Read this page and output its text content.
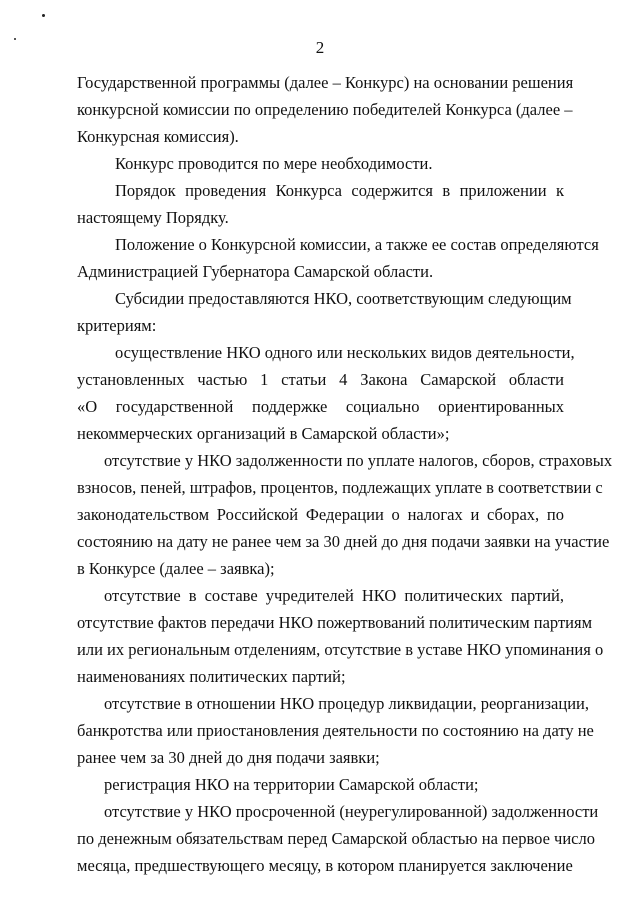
2
Государственной программы (далее – Конкурс) на основании решения
конкурсной комиссии по определению победителей Конкурса (далее –
Конкурсная комиссия).
Конкурс проводится по мере необходимости.
Порядок проведения Конкурса содержится в приложении к
настоящему Порядку.
Положение о Конкурсной комиссии, а также ее состав определяются
Администрацией Губернатора Самарской области.
Субсидии предоставляются НКО, соответствующим следующим
критериям:
осуществление НКО одного или нескольких видов деятельности,
установленных частью 1 статьи 4 Закона Самарской области
«О государственной поддержке социально ориентированных
некоммерческих организаций в Самарской области»;
отсутствие у НКО задолженности по уплате налогов, сборов, страховых
взносов, пеней, штрафов, процентов, подлежащих уплате в соответствии с
законодательством Российской Федерации о налогах и сборах, по
состоянию на дату не ранее чем за 30 дней до дня подачи заявки на участие
в Конкурсе (далее – заявка);
отсутствие в составе учредителей НКО политических партий,
отсутствие фактов передачи НКО пожертвований политическим партиям
или их региональным отделениям, отсутствие в уставе НКО упоминания о
наименованиях политических партий;
отсутствие в отношении НКО процедур ликвидации, реорганизации,
банкротства или приостановления деятельности по состоянию на дату не
ранее чем за 30 дней до дня подачи заявки;
регистрация НКО на территории Самарской области;
отсутствие у НКО просроченной (неурегулированной) задолженности
по денежным обязательствам перед Самарской областью на первое число
месяца, предшествующего месяцу, в котором планируется заключение
